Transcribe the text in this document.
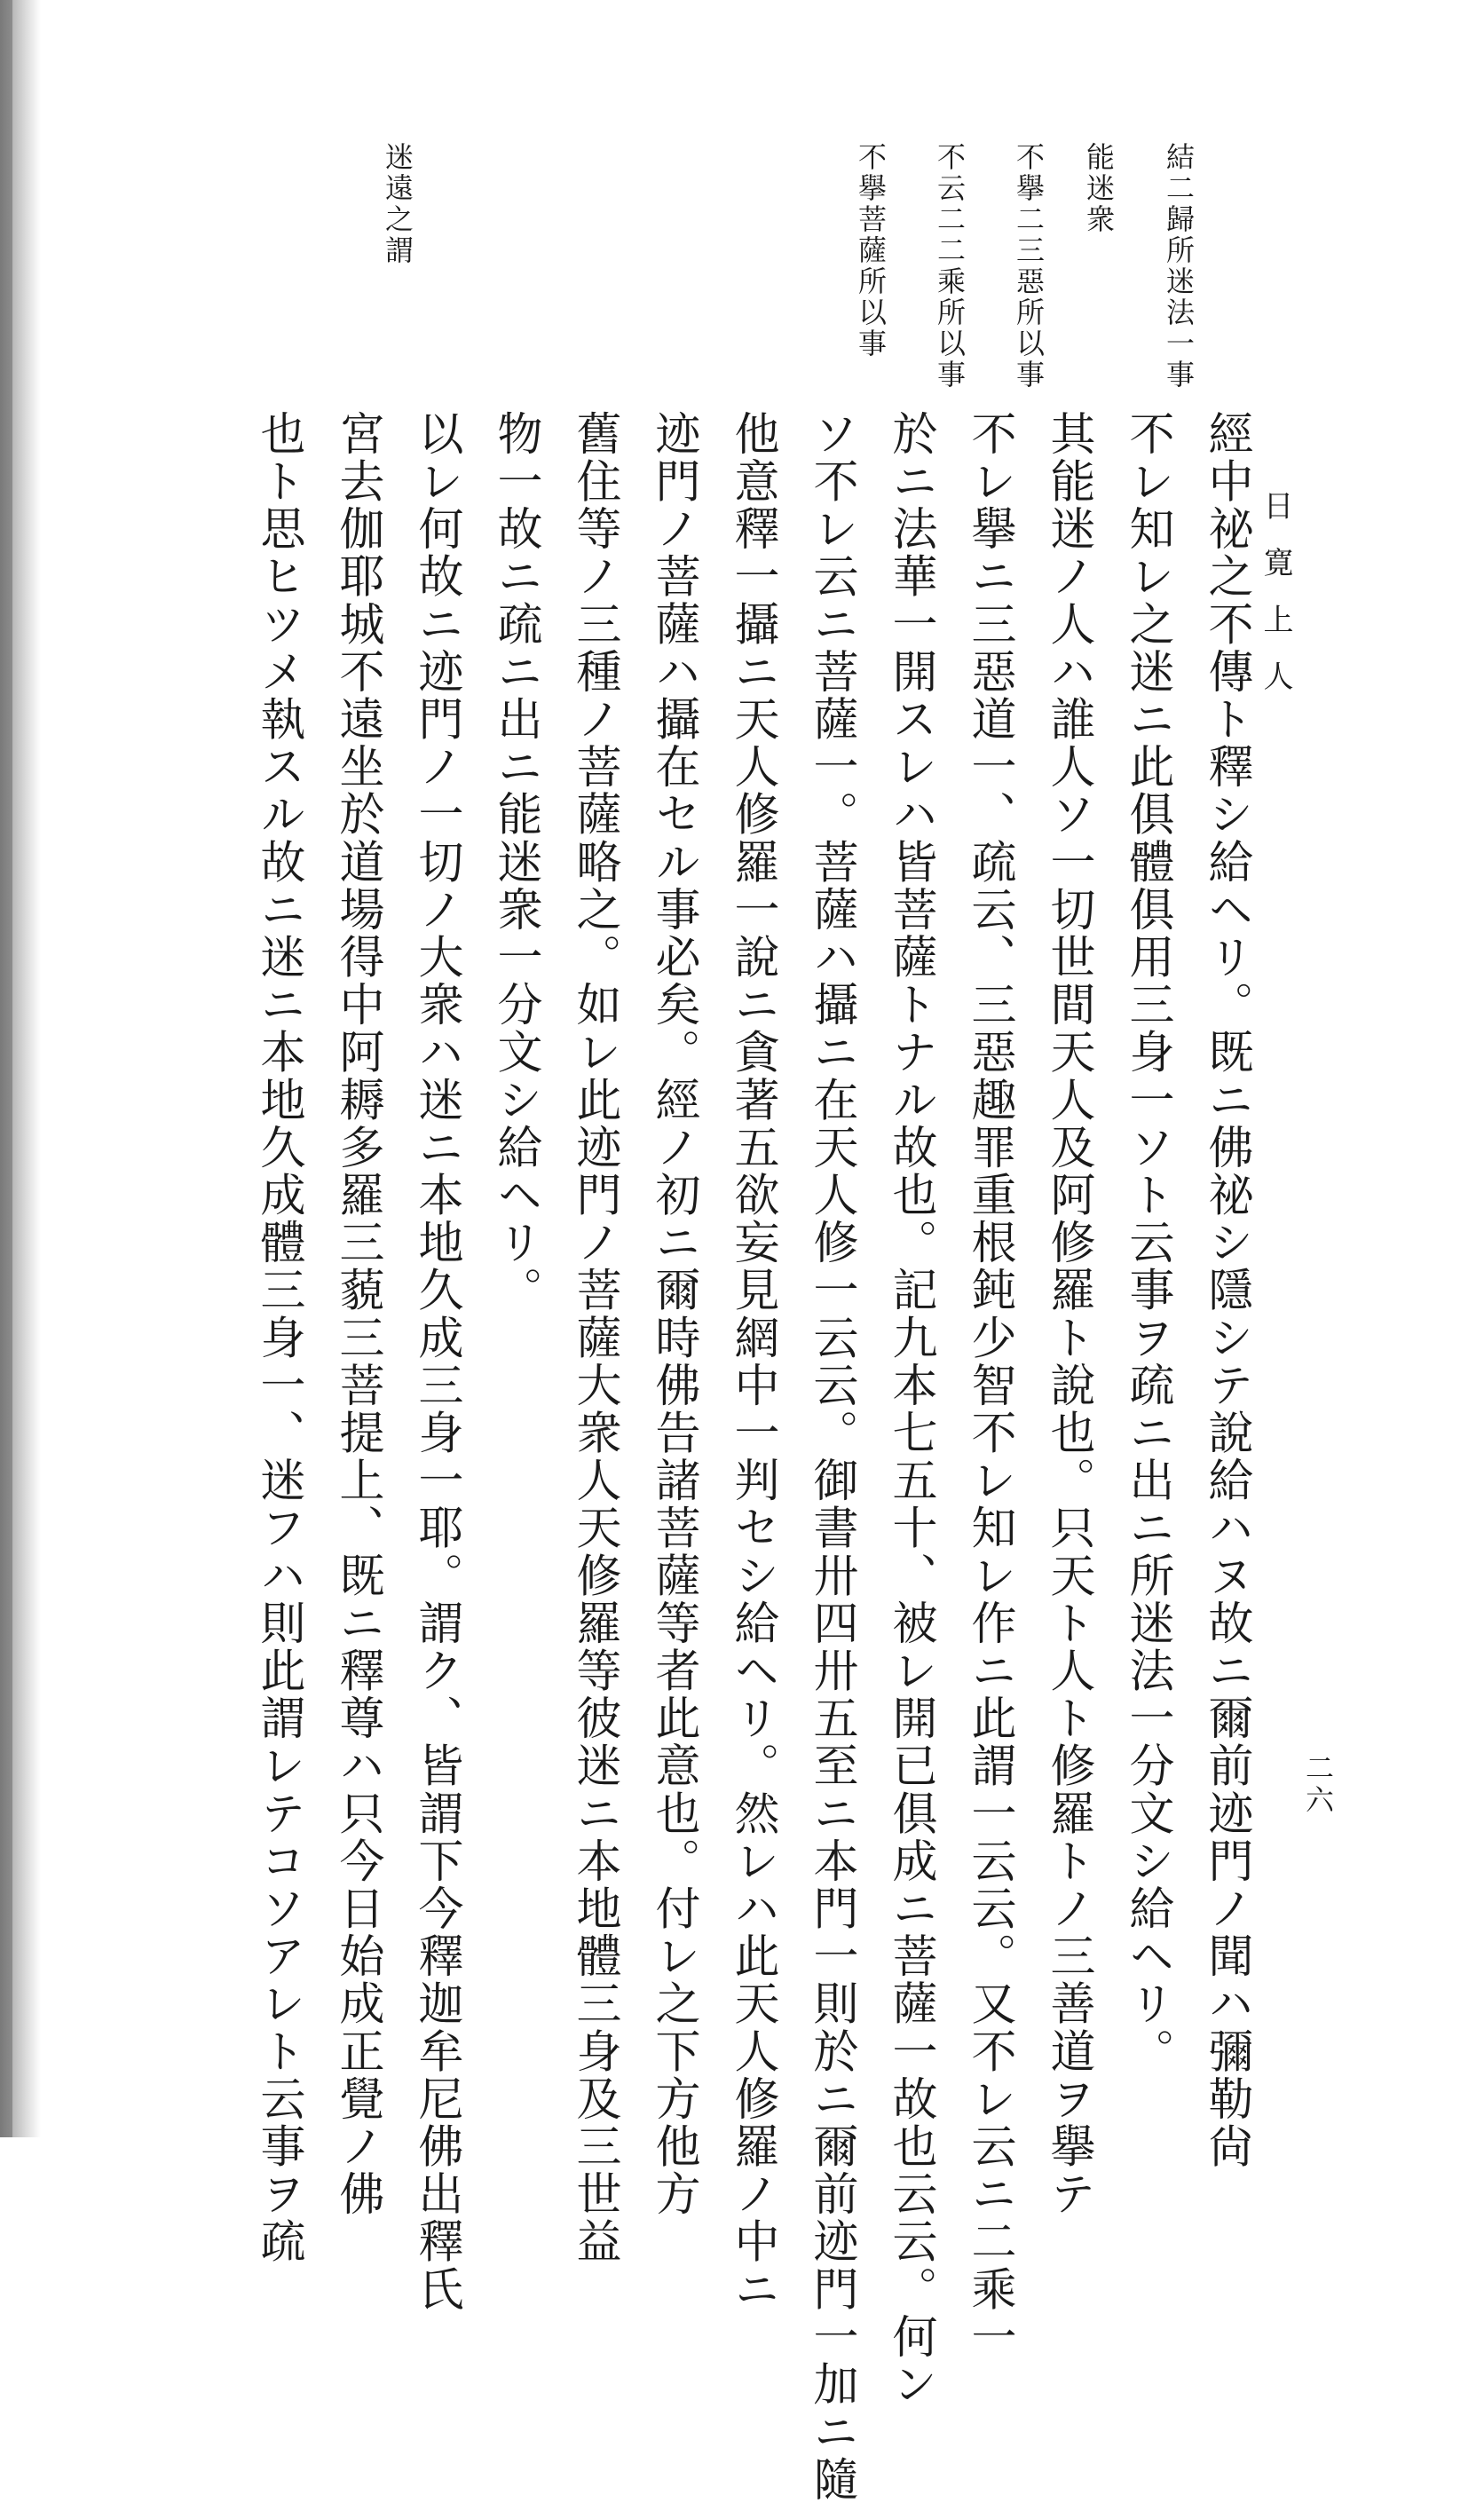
日寛上人
二六
結二歸所迷法一事
能迷衆
不擧二三惡所以事
不云二二乘所以事
不擧菩薩所以事
迷遠之謂
經中祕之不傳ト釋シ給ヘリ。既ニ佛祕シ隱シテ說給ハヌ故ニ爾前迹門ノ聞ハ彌勒尙
不レ知レ之迷ニ此俱體俱用三身一ソト云事ヲ疏ニ出ニ所迷法一分文シ給ヘリ。
其能迷ノ人ハ誰人ソ一切世間天人及阿修羅ト說也。只天ト人ト修羅トノ三善道ヲ擧テ
不レ擧ニ三惡道一、疏云、三惡趣罪重根鈍少智不レ知レ作ニ此謂一云云。又不レ云ニ二乘一
於ニ法華一開スレハ皆菩薩トナル故也。記九本七五十、被レ開已俱成ニ菩薩一故也云云。何ン
ソ不レ云ニ菩薩一。菩薩ハ攝ニ在天人修一云云。御書卅四卅五至ニ本門一則於ニ爾前迹門一加ニ隨
他意釋一攝ニ天人修羅一說ニ貪著五欲妄見網中一判セシ給ヘリ。然レハ此天人修羅ノ中ニ
迹門ノ菩薩ハ攝在セル事必矣。經ノ初ニ爾時佛告諸菩薩等者此意也。付レ之下方他方
舊住等ノ三種ノ菩薩略之。如レ此迹門ノ菩薩大衆人天修羅等彼迷ニ本地體三身及三世益
物一故ニ疏ニ出ニ能迷衆一分文シ給ヘリ。
以レ何故ニ迹門ノ一切ノ大衆ハ迷ニ本地久成三身一耶。謂ク、皆謂下今釋迦牟尼佛出釋氏
宮去伽耶城不遠坐於道場得中阿耨多羅三藐三菩提上、既ニ釋尊ハ只今日始成正覺ノ佛
也ト思ヒツメ執スル故ニ迷ニ本地久成體三身一、迷フハ則此謂レテコソアレト云事ヲ疏
